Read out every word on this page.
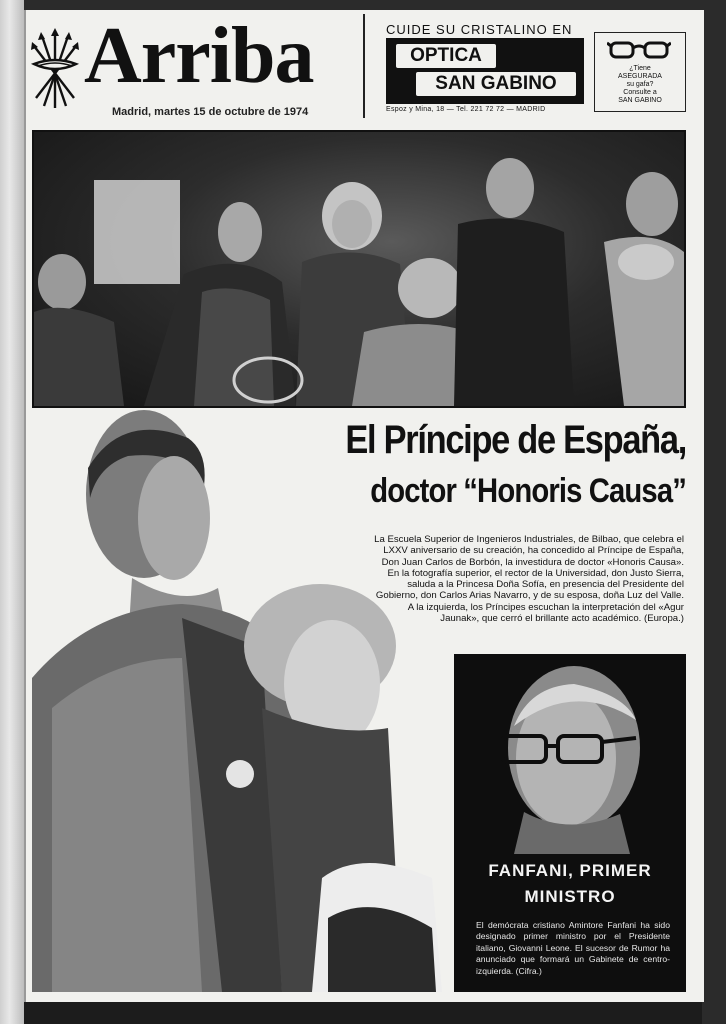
Arriba
Madrid, martes 15 de octubre de 1974
CUIDE SU CRISTALINO EN
OPTICA
SAN GABINO
Espoz y Mina, 18 — Tel. 221 72 72 — MADRID
¿Tiene
ASEGURADA
su gafa?
Consulte a
SAN GABINO
El Príncipe de España,
doctor “Honoris Causa”
La Escuela Superior de Ingenieros Industriales, de Bilbao, que celebra el LXXV aniversario de su creación, ha concedido al Príncipe de España, Don Juan Carlos de Borbón, la investidura de doctor «Honoris Causa». En la fotografía superior, el rector de la Universidad, don Justo Sierra, saluda a la Princesa Doña Sofía, en presencia del Presidente del Gobierno, don Carlos Arias Navarro, y de su esposa, doña Luz del Valle. A la izquierda, los Príncipes escuchan la interpretación del «Agur Jaunak», que cerró el brillante acto académico. (Europa.)
FANFANI, PRIMER
MINISTRO
El demócrata cristiano Amintore Fanfani ha sido designado primer ministro por el Presidente italiano, Giovanni Leone. El sucesor de Rumor ha anunciado que formará un Gabinete de centro-izquierda. (Cifra.)
